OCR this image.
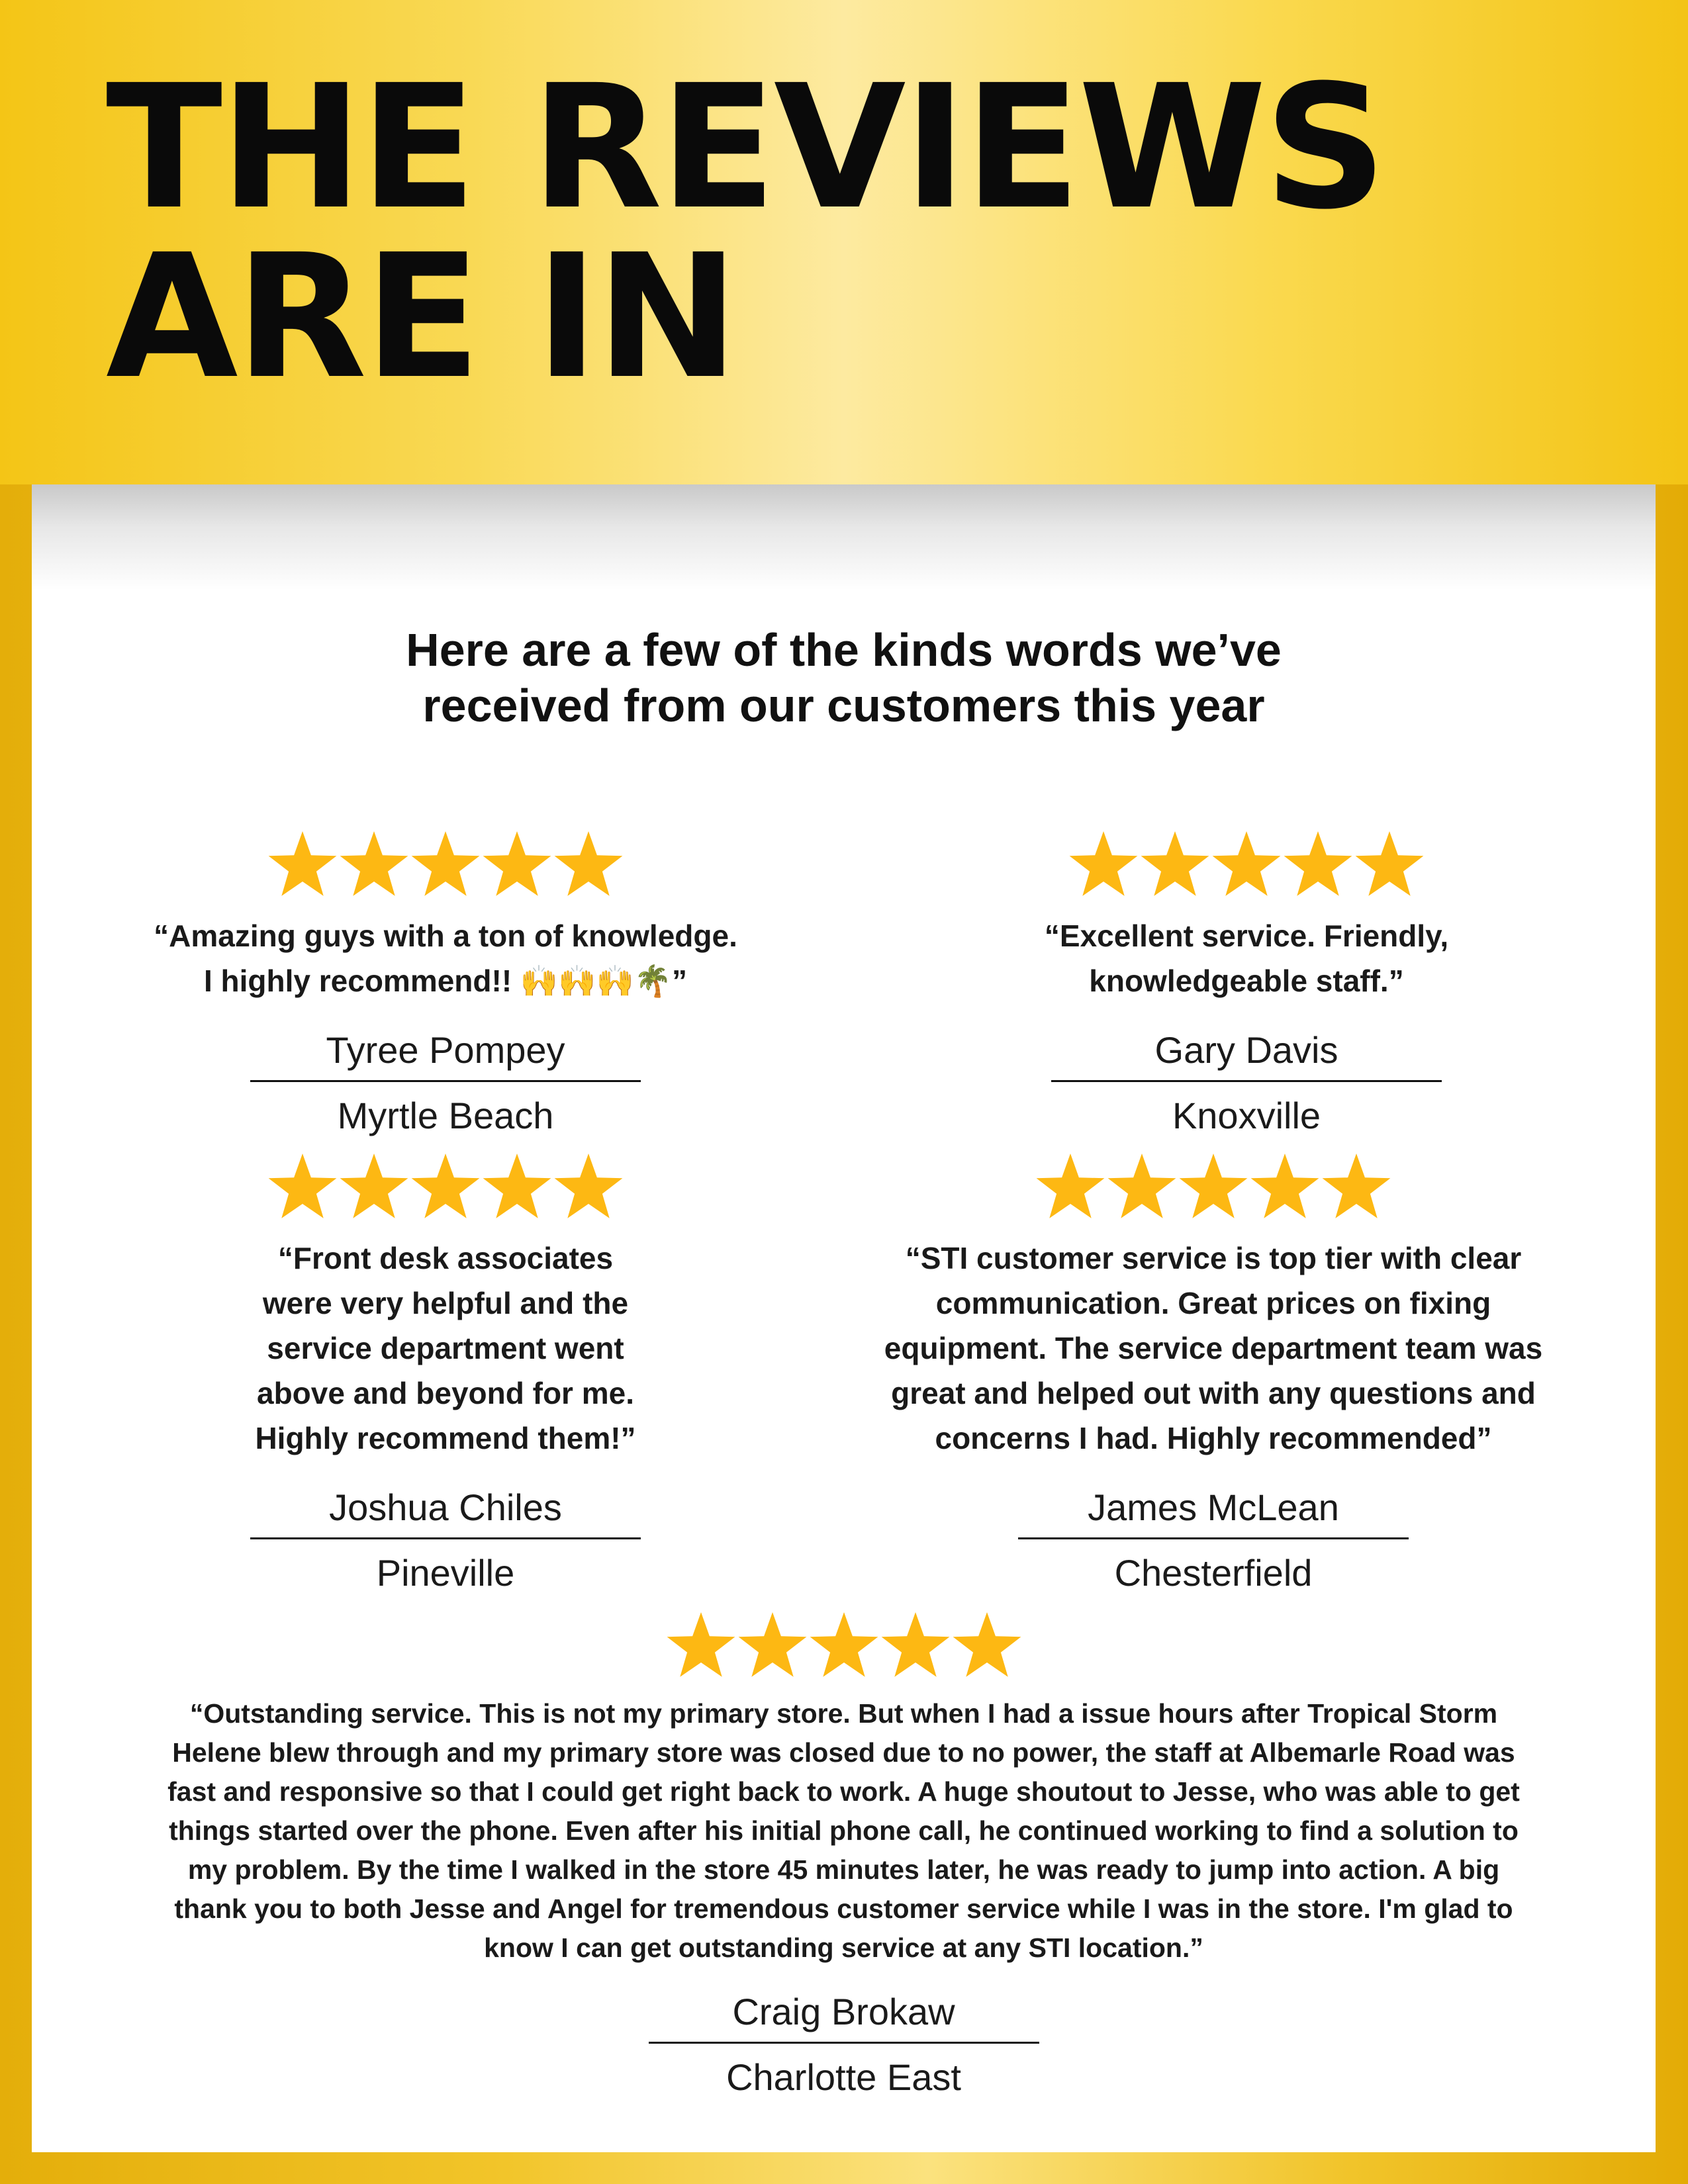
THE REVIEWS
ARE IN

Here are a few of the kinds words we’ve
received from our customers this year

“Amazing guys with a ton of knowledge.
I highly recommend!! 🙌🙌🙌🌴”

Tyree Pompey
Myrtle Beach

“Excellent service. Friendly,
knowledgeable staff.”

Gary Davis
Knoxville

“Front desk associates
were very helpful and the
service department went
above and beyond for me.
Highly recommend them!”

Joshua Chiles
Pineville

“STI customer service is top tier with clear
communication. Great prices on fixing
equipment. The service department team was
great and helped out with any questions and
concerns I had. Highly recommended”

James McLean
Chesterfield

“Outstanding service. This is not my primary store. But when I had a issue hours after Tropical Storm
Helene blew through and my primary store was closed due to no power, the staff at Albemarle Road was
fast and responsive so that I could get right back to work. A huge shoutout to Jesse, who was able to get
things started over the phone. Even after his initial phone call, he continued working to find a solution to
my problem. By the time I walked in the store 45 minutes later, he was ready to jump into action. A big
thank you to both Jesse and Angel for tremendous customer service while I was in the store. I'm glad to
know I can get outstanding service at any STI location.”

Craig Brokaw
Charlotte East
